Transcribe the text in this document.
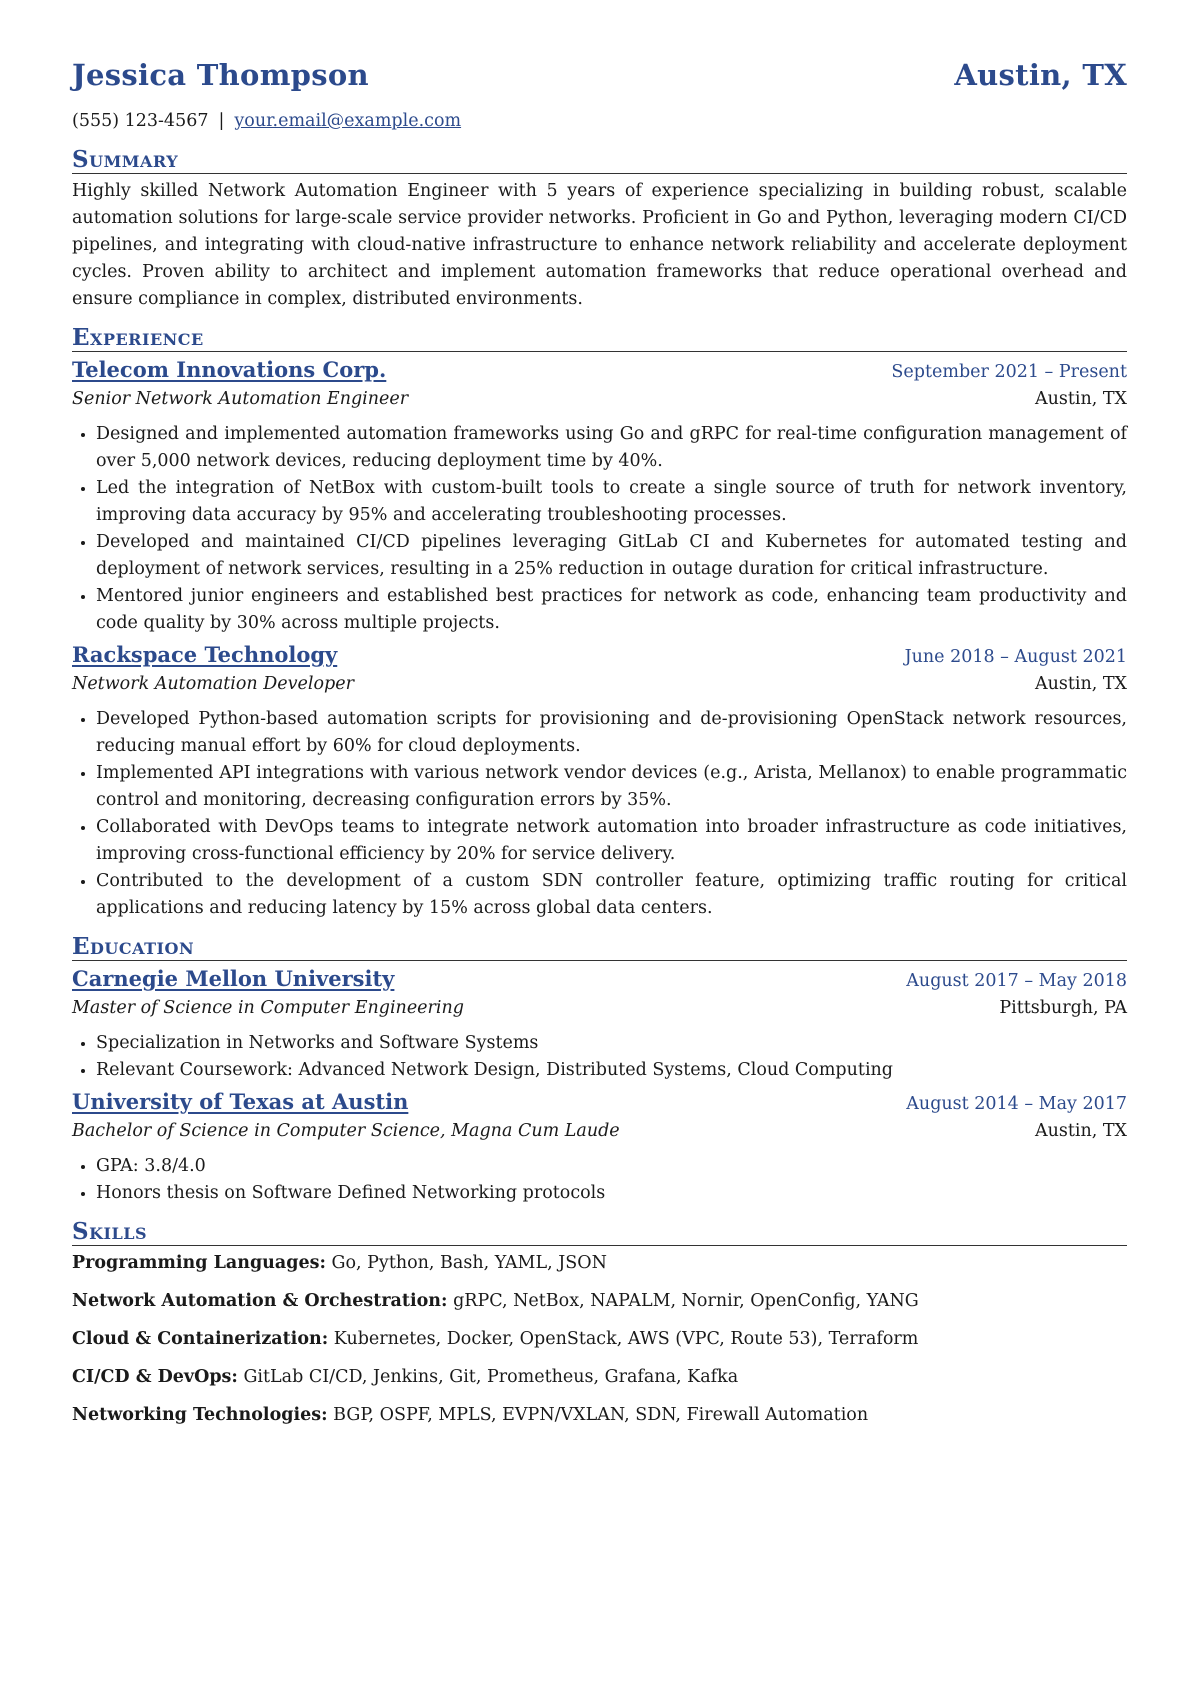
Jessica Thompson	Austin, TX
(555) 123-4567 | your.email@example.com
Summary

Highly skilled Network Automation Engineer with 5 years of experience specializing in building robust, scalable automation solutions for large-scale service provider networks. Proficient in Go and Python, leveraging modern CI/CD pipelines, and integrating with cloud-native infrastructure to enhance network reliability and accelerate deployment cycles. Proven ability to architect and implement automation frameworks that reduce operational overhead and ensure compliance in complex, distributed environments.

Experience
Telecom Innovations Corp.	September 2021 – Present
Senior Network Automation Engineer	Austin, TX
• Designed and implemented automation frameworks using Go and gRPC for real-time configuration management of over 5,000 network devices, reducing deployment time by 40%.
• Led the integration of NetBox with custom-built tools to create a single source of truth for network inventory, improving data accuracy by 95% and accelerating troubleshooting processes.
• Developed and maintained CI/CD pipelines leveraging GitLab CI and Kubernetes for automated testing and deployment of network services, resulting in a 25% reduction in outage duration for critical infrastructure.
• Mentored junior engineers and established best practices for network as code, enhancing team productivity and code quality by 30% across multiple projects.
Rackspace Technology	June 2018 – August 2021
Network Automation Developer	Austin, TX
• Developed Python-based automation scripts for provisioning and de-provisioning OpenStack network resources, reducing manual effort by 60% for cloud deployments.
• Implemented API integrations with various network vendor devices (e.g., Arista, Mellanox) to enable programmatic control and monitoring, decreasing configuration errors by 35%.
• Collaborated with DevOps teams to integrate network automation into broader infrastructure as code initiatives, improving cross-functional efficiency by 20% for service delivery.
• Contributed to the development of a custom SDN controller feature, optimizing traffic routing for critical applications and reducing latency by 15% across global data centers.
Education
Carnegie Mellon University	August 2017 – May 2018
Master of Science in Computer Engineering	Pittsburgh, PA
• Specialization in Networks and Software Systems
• Relevant Coursework: Advanced Network Design, Distributed Systems, Cloud Computing
University of Texas at Austin	August 2014 – May 2017
Bachelor of Science in Computer Science, Magna Cum Laude	Austin, TX
• GPA: 3.8/4.0
• Honors thesis on Software Defined Networking protocols
Skills

Programming Languages: Go, Python, Bash, YAML, JSON

Network Automation & Orchestration: gRPC, NetBox, NAPALM, Nornir, OpenConfig, YANG

Cloud & Containerization: Kubernetes, Docker, OpenStack, AWS (VPC, Route 53), Terraform

CI/CD & DevOps: GitLab CI/CD, Jenkins, Git, Prometheus, Grafana, Kafka

Networking Technologies: BGP, OSPF, MPLS, EVPN/VXLAN, SDN, Firewall Automation
